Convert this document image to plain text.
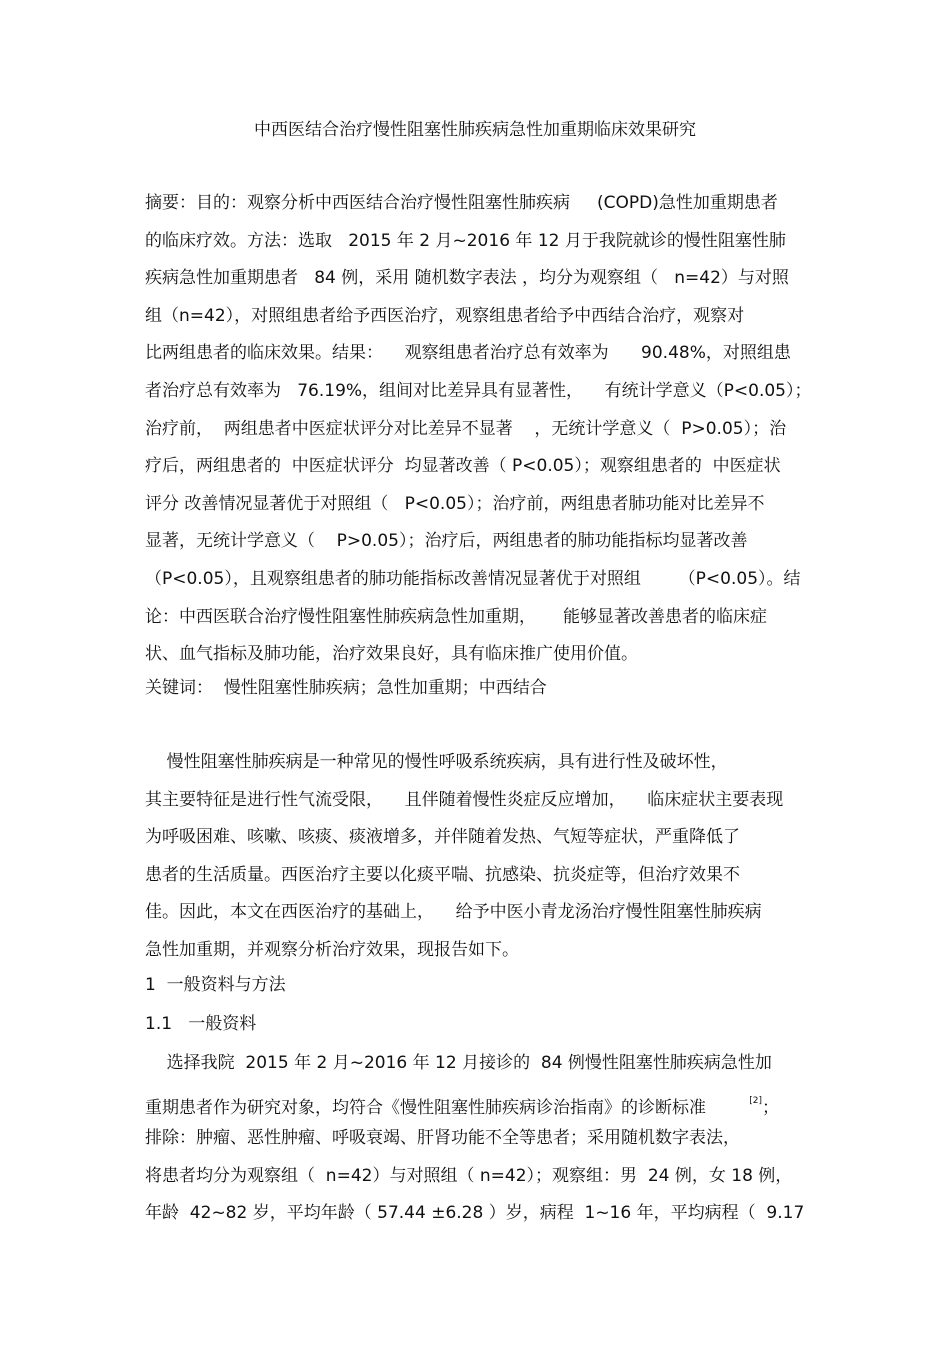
中西医结合治疗慢性阻塞性肺疾病急性加重期临床效果研究
摘要：目的：观察分析中西医结合治疗慢性阻塞性肺疾病     (COPD)急性加重期患者
的临床疗效。方法：选取   2015 年 2 月~2016 年 12 月于我院就诊的慢性阻塞性肺
疾病急性加重期患者   84 例，采用 随机数字表法 ，均分为观察组（   n=42）与对照
组（n=42），对照组患者给予西医治疗，观察组患者给予中西结合治疗，观察对
比两组患者的临床效果。结果：    观察组患者治疗总有效率为      90.48%，对照组患
者治疗总有效率为   76.19%，组间对比差异具有显著性，    有统计学意义（P<0.05）；
治疗前，  两组患者中医症状评分对比差异不显著    ，无统计学意义（  P>0.05）；治
疗后，两组患者的  中医症状评分  均显著改善（ P<0.05）；观察组患者的  中医症状
评分 改善情况显著优于对照组（   P<0.05）；治疗前，两组患者肺功能对比差异不
显著，无统计学意义（    P>0.05）；治疗后，两组患者的肺功能指标均显著改善
（P<0.05），且观察组患者的肺功能指标改善情况显著优于对照组       （P<0.05）。结
论：中西医联合治疗慢性阻塞性肺疾病急性加重期，     能够显著改善患者的临床症
状、血气指标及肺功能，治疗效果良好，具有临床推广使用价值。
关键词：  慢性阻塞性肺疾病；急性加重期；中西结合
慢性阻塞性肺疾病是一种常见的慢性呼吸系统疾病，具有进行性及破坏性，
其主要特征是进行性气流受限，    且伴随着慢性炎症反应增加，    临床症状主要表现
为呼吸困难、咳嗽、咳痰、痰液增多，并伴随着发热、气短等症状，严重降低了
患者的生活质量。西医治疗主要以化痰平喘、抗感染、抗炎症等，但治疗效果不
佳。因此，本文在西医治疗的基础上，    给予中医小青龙汤治疗慢性阻塞性肺疾病
急性加重期，并观察分析治疗效果，现报告如下。
1  一般资料与方法
1.1   一般资料
选择我院  2015 年 2 月~2016 年 12 月接诊的  84 例慢性阻塞性肺疾病急性加
重期患者作为研究对象，均符合《慢性阻塞性肺疾病诊治指南》的诊断标准        [2]；
排除：肿瘤、恶性肿瘤、呼吸衰竭、肝肾功能不全等患者；采用随机数字表法，
将患者均分为观察组（  n=42）与对照组（ n=42）；观察组：男  24 例，女 18 例，
年龄  42~82 岁，平均年龄（ 57.44 ±6.28 ）岁，病程  1~16 年，平均病程（  9.17
